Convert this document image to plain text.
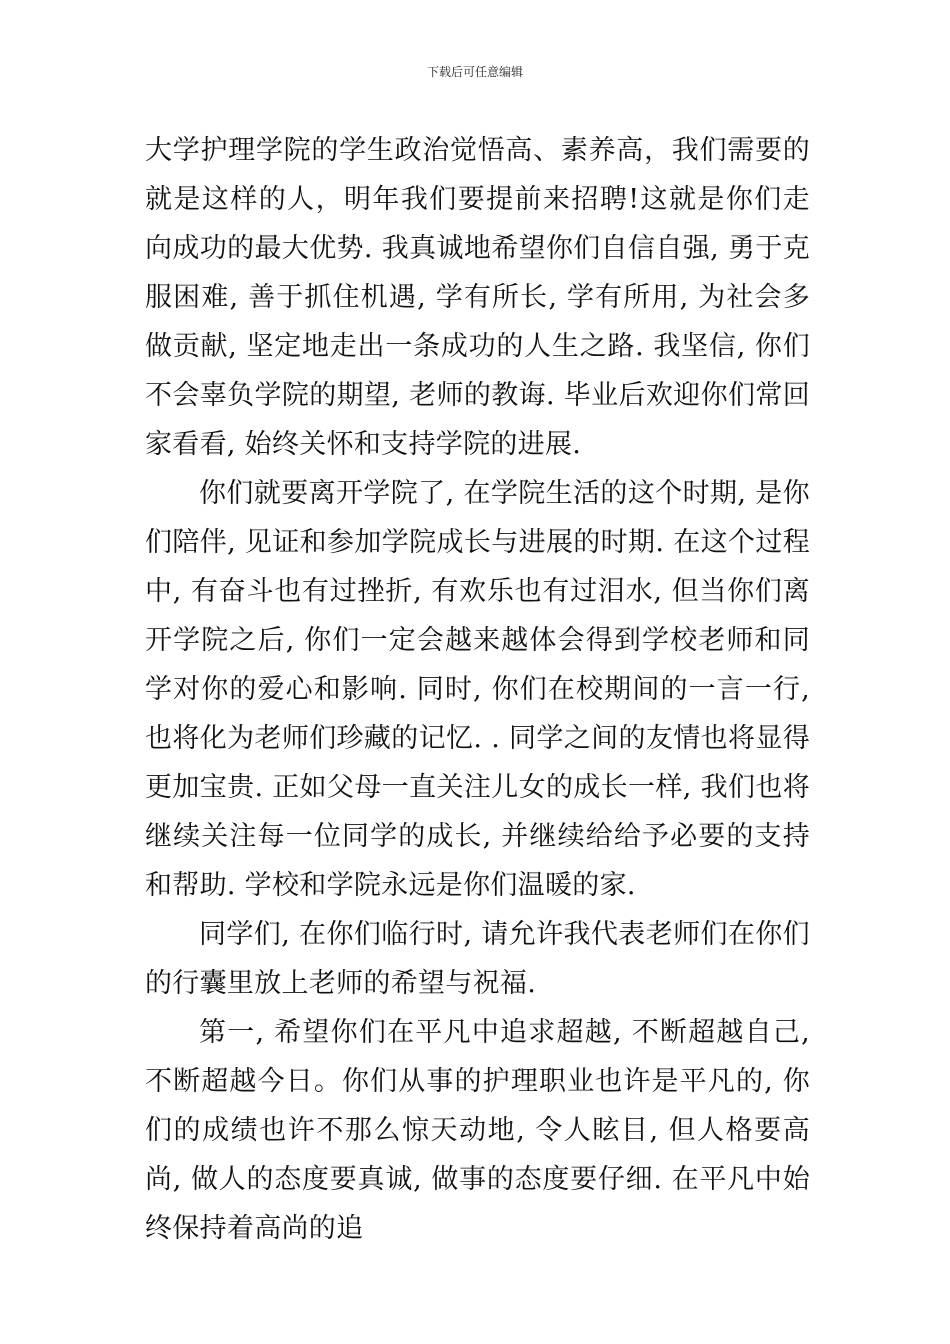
下载后可任意编辑

大学护理学院的学生政治觉悟高、素养高，我们需要的就是这样的人，明年我们要提前来招聘!这就是你们走向成功的最大优势. 我真诚地希望你们自信自强, 勇于克服困难, 善于抓住机遇, 学有所长, 学有所用, 为社会多做贡献, 坚定地走出一条成功的人生之路. 我坚信, 你们不会辜负学院的期望, 老师的教诲. 毕业后欢迎你们常回家看看, 始终关怀和支持学院的进展.

你们就要离开学院了, 在学院生活的这个时期, 是你们陪伴, 见证和参加学院成长与进展的时期. 在这个过程中, 有奋斗也有过挫折, 有欢乐也有过泪水, 但当你们离开学院之后, 你们一定会越来越体会得到学校老师和同学对你的爱心和影响. 同时, 你们在校期间的一言一行, 也将化为老师们珍藏的记忆. . 同学之间的友情也将显得更加宝贵. 正如父母一直关注儿女的成长一样, 我们也将继续关注每一位同学的成长, 并继续给给予必要的支持和帮助. 学校和学院永远是你们温暖的家.

同学们, 在你们临行时, 请允许我代表老师们在你们的行囊里放上老师的希望与祝福.

第一, 希望你们在平凡中追求超越, 不断超越自己, 不断超越今日。你们从事的护理职业也许是平凡的, 你们的成绩也许不那么惊天动地, 令人眩目, 但人格要高尚, 做人的态度要真诚, 做事的态度要仔细. 在平凡中始终保持着高尚的追
